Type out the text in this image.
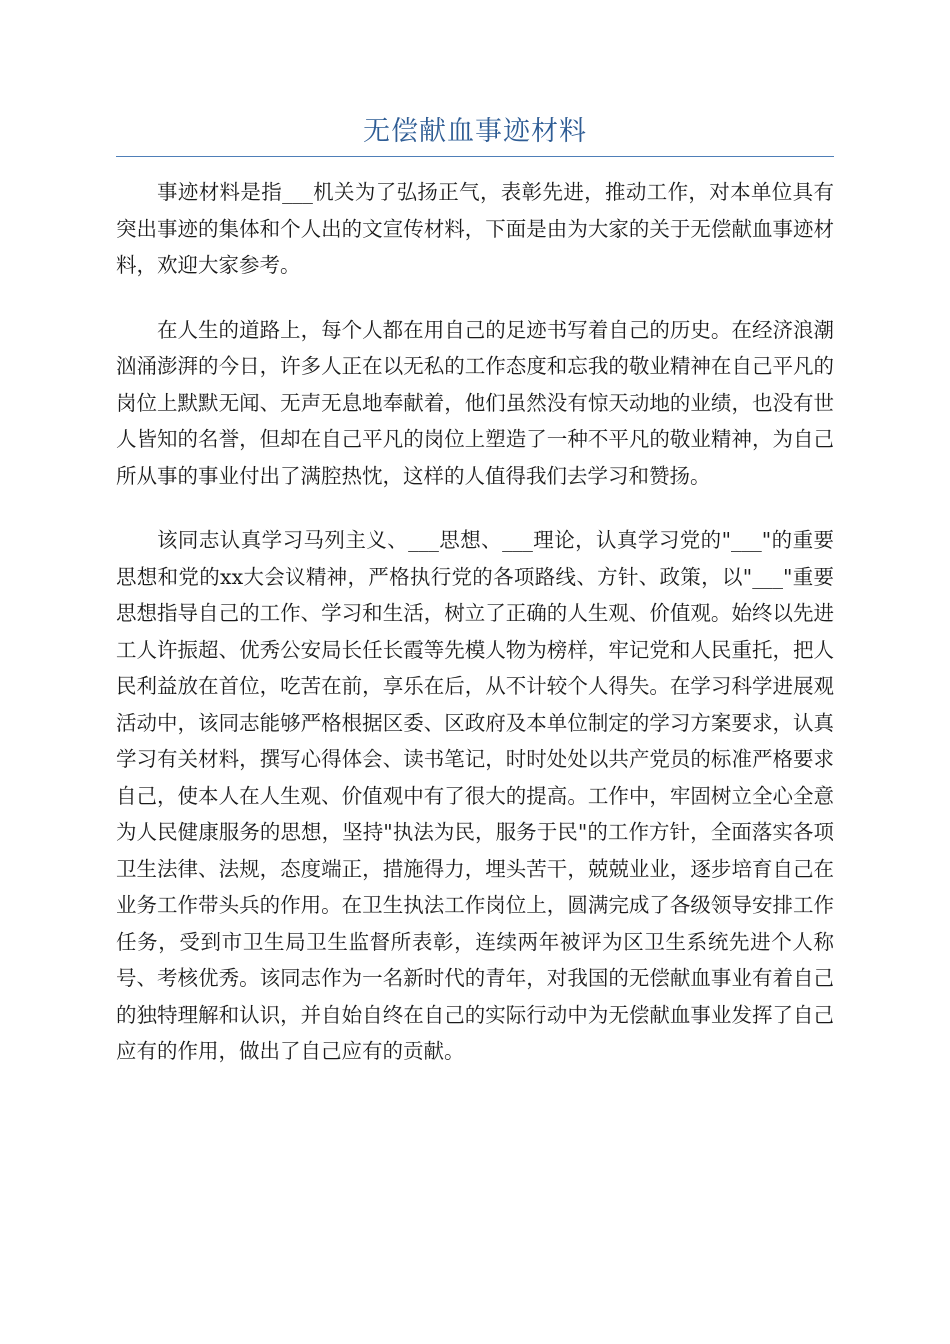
无偿献血事迹材料

事迹材料是指___机关为了弘扬正气，表彰先进，推动工作，对本单位具有突出事迹的集体和个人出的文宣传材料，下面是由为大家的关于无偿献血事迹材料，欢迎大家参考。

在人生的道路上，每个人都在用自己的足迹书写着自己的历史。在经济浪潮汹涌澎湃的今日，许多人正在以无私的工作态度和忘我的敬业精神在自己平凡的岗位上默默无闻、无声无息地奉献着，他们虽然没有惊天动地的业绩，也没有世人皆知的名誉，但却在自己平凡的岗位上塑造了一种不平凡的敬业精神，为自己所从事的事业付出了满腔热忱，这样的人值得我们去学习和赞扬。

该同志认真学习马列主义、___思想、___理论，认真学习党的"___"的重要思想和党的xx大会议精神，严格执行党的各项路线、方针、政策，以"___"重要思想指导自己的工作、学习和生活，树立了正确的人生观、价值观。始终以先进工人许振超、优秀公安局长任长霞等先模人物为榜样，牢记党和人民重托，把人民利益放在首位，吃苦在前，享乐在后，从不计较个人得失。在学习科学进展观活动中，该同志能够严格根据区委、区政府及本单位制定的学习方案要求，认真学习有关材料，撰写心得体会、读书笔记，时时处处以共产党员的标准严格要求自己，使本人在人生观、价值观中有了很大的提高。工作中，牢固树立全心全意为人民健康服务的思想，坚持"执法为民，服务于民"的工作方针，全面落实各项卫生法律、法规，态度端正，措施得力，埋头苦干，兢兢业业，逐步培育自己在业务工作带头兵的作用。在卫生执法工作岗位上，圆满完成了各级领导安排工作任务，受到市卫生局卫生监督所表彰，连续两年被评为区卫生系统先进个人称号、考核优秀。该同志作为一名新时代的青年，对我国的无偿献血事业有着自己的独特理解和认识，并自始自终在自己的实际行动中为无偿献血事业发挥了自己应有的作用，做出了自己应有的贡献。
